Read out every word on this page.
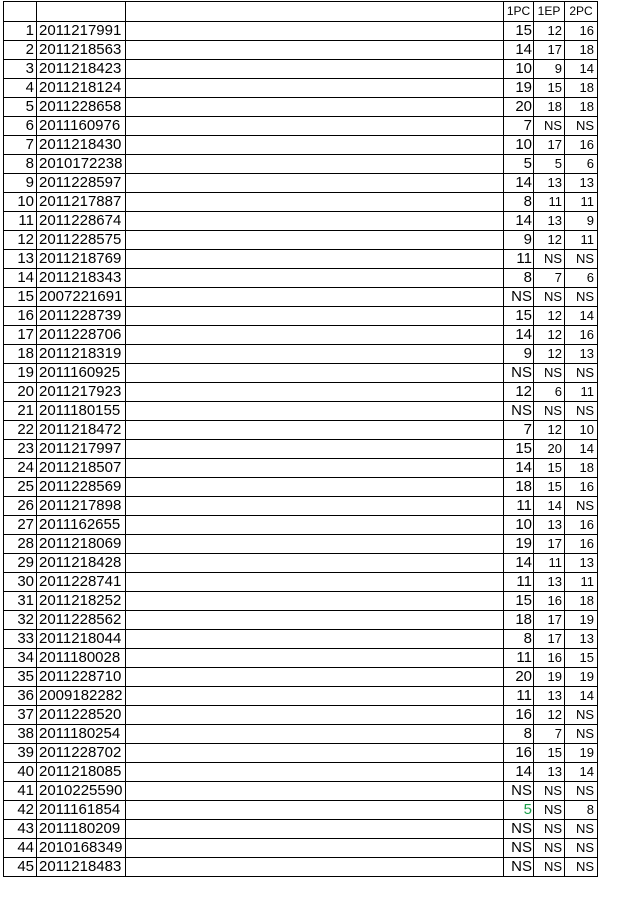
			1PC	1EP	2PC
1	2011217991		15	12	16
2	2011218563		14	17	18
3	2011218423		10	9	14
4	2011218124		19	15	18
5	2011228658		20	18	18
6	2011160976		7	NS	NS
7	2011218430		10	17	16
8	2010172238		5	5	6
9	2011228597		14	13	13
10	2011217887		8	11	11
11	2011228674		14	13	9
12	2011228575		9	12	11
13	2011218769		11	NS	NS
14	2011218343		8	7	6
15	2007221691		NS	NS	NS
16	2011228739		15	12	14
17	2011228706		14	12	16
18	2011218319		9	12	13
19	2011160925		NS	NS	NS
20	2011217923		12	6	11
21	2011180155		NS	NS	NS
22	2011218472		7	12	10
23	2011217997		15	20	14
24	2011218507		14	15	18
25	2011228569		18	15	16
26	2011217898		11	14	NS
27	2011162655		10	13	16
28	2011218069		19	17	16
29	2011218428		14	11	13
30	2011228741		11	13	11
31	2011218252		15	16	18
32	2011228562		18	17	19
33	2011218044		8	17	13
34	2011180028		11	16	15
35	2011228710		20	19	19
36	2009182282		11	13	14
37	2011228520		16	12	NS
38	2011180254		8	7	NS
39	2011228702		16	15	19
40	2011218085		14	13	14
41	2010225590		NS	NS	NS
42	2011161854		5	NS	8
43	2011180209		NS	NS	NS
44	2010168349		NS	NS	NS
45	2011218483		NS	NS	NS
